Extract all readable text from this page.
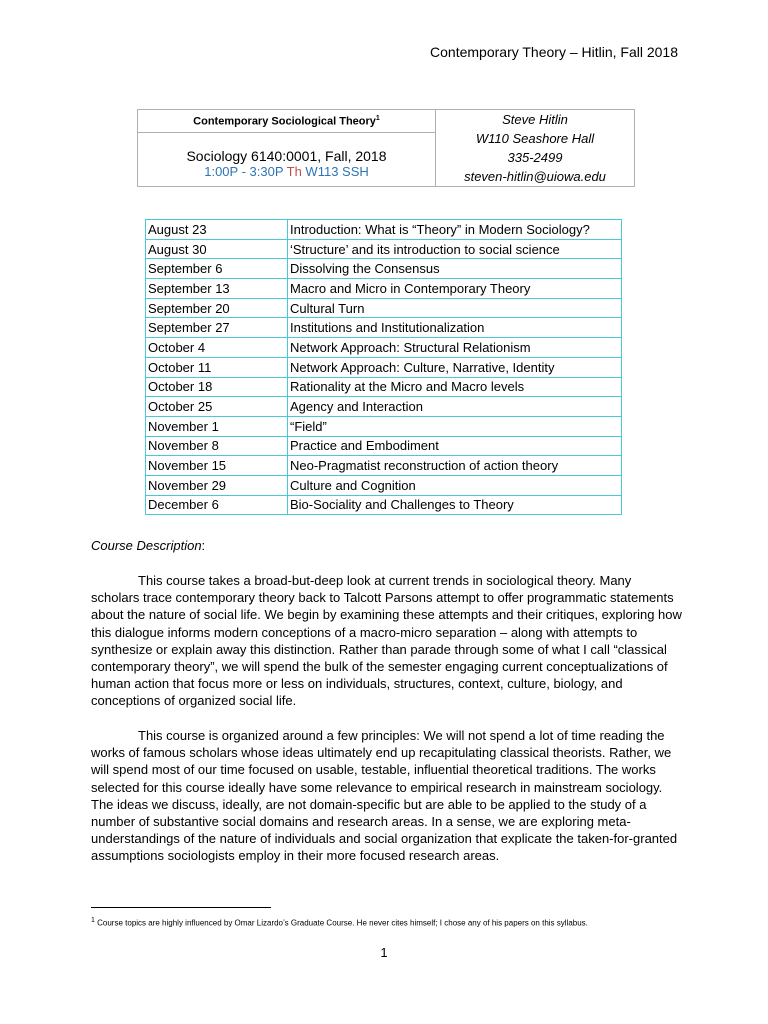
Contemporary Theory – Hitlin, Fall 2018
Contemporary Sociological Theory$^1$	Steve Hitlin
W110 Seashore Hall
335-2499
steven-hitlin@uiowa.edu

Sociology 6140:0001, Fall, 2018
1:00P - 3:30P Th W113 SSH
August 23	Introduction: What is “Theory” in Modern Sociology?
August 30	‘Structure’ and its introduction to social science
September 6	Dissolving the Consensus
September 13	Macro and Micro in Contemporary Theory
September 20	Cultural Turn
September 27	Institutions and Institutionalization
October 4	Network Approach: Structural Relationism
October 11	Network Approach: Culture, Narrative, Identity
October 18	Rationality at the Micro and Macro levels
October 25	Agency and Interaction
November 1	“Field”
November 8	Practice and Embodiment
November 15	Neo-Pragmatist reconstruction of action theory
November 29	Culture and Cognition
December 6	Bio-Sociality and Challenges to Theory
Course Description:

This course takes a broad-but-deep look at current trends in sociological theory. Many scholars trace contemporary theory back to Talcott Parsons attempt to offer programmatic statements about the nature of social life. We begin by examining these attempts and their critiques, exploring how this dialogue informs modern conceptions of a macro-micro separation – along with attempts to synthesize or explain away this distinction. Rather than parade through some of what I call “classical contemporary theory”, we will spend the bulk of the semester engaging current conceptualizations of human action that focus more or less on individuals, structures, context, culture, biology, and conceptions of organized social life.

This course is organized around a few principles: We will not spend a lot of time reading the works of famous scholars whose ideas ultimately end up recapitulating classical theorists. Rather, we will spend most of our time focused on usable, testable, influential theoretical traditions. The works selected for this course ideally have some relevance to empirical research in mainstream sociology. The ideas we discuss, ideally, are not domain-specific but are able to be applied to the study of a number of substantive social domains and research areas. In a sense, we are exploring meta-understandings of the nature of individuals and social organization that explicate the taken-for-granted assumptions sociologists employ in their more focused research areas.

$^1$ Course topics are highly influenced by Omar Lizardo’s Graduate Course. He never cites himself; I chose any of his papers on this syllabus.
1
